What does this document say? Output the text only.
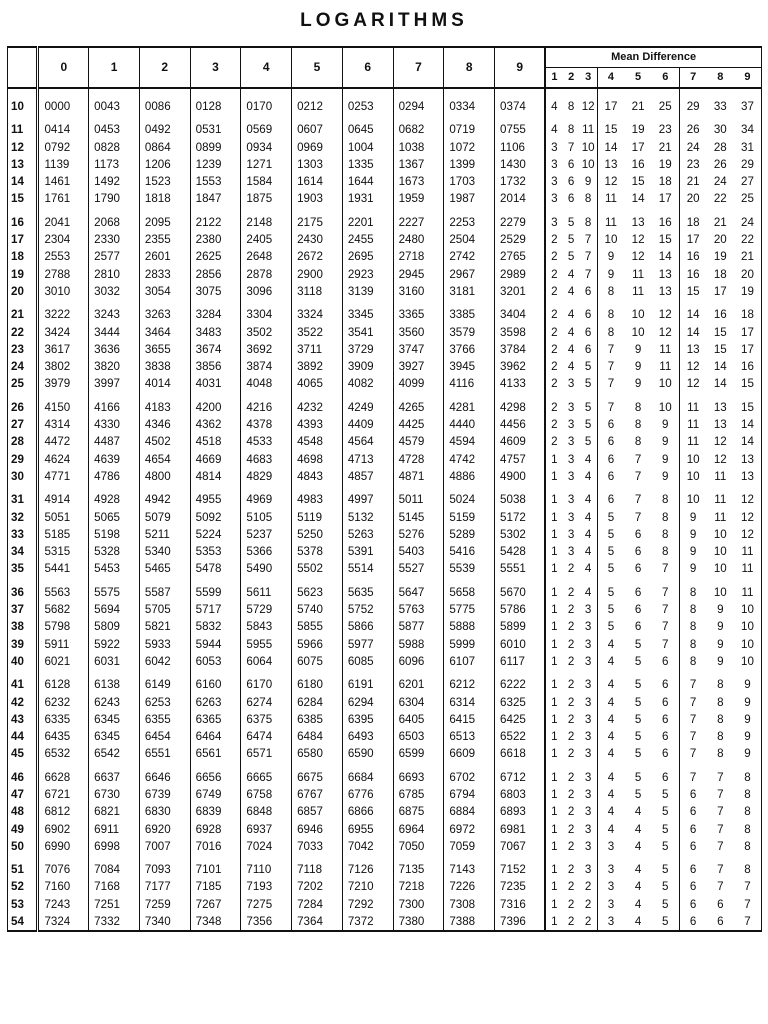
LOGARITHMS
	0	1	2	3	4	5	6	7	8	9	Mean Difference								
											1	2	3	4	5	6	7	8	9
10	0000	0043	0086	0128	0170	0212	0253	0294	0334	0374	4	8	12	17	21	25	29	33	37
11	0414	0453	0492	0531	0569	0607	0645	0682	0719	0755	4	8	11	15	19	23	26	30	34
12	0792	0828	0864	0899	0934	0969	1004	1038	1072	1106	3	7	10	14	17	21	24	28	31
13	1139	1173	1206	1239	1271	1303	1335	1367	1399	1430	3	6	10	13	16	19	23	26	29
14	1461	1492	1523	1553	1584	1614	1644	1673	1703	1732	3	6	9	12	15	18	21	24	27
15	1761	1790	1818	1847	1875	1903	1931	1959	1987	2014	3	6	8	11	14	17	20	22	25
16	2041	2068	2095	2122	2148	2175	2201	2227	2253	2279	3	5	8	11	13	16	18	21	24
17	2304	2330	2355	2380	2405	2430	2455	2480	2504	2529	2	5	7	10	12	15	17	20	22
18	2553	2577	2601	2625	2648	2672	2695	2718	2742	2765	2	5	7	9	12	14	16	19	21
19	2788	2810	2833	2856	2878	2900	2923	2945	2967	2989	2	4	7	9	11	13	16	18	20
20	3010	3032	3054	3075	3096	3118	3139	3160	3181	3201	2	4	6	8	11	13	15	17	19
21	3222	3243	3263	3284	3304	3324	3345	3365	3385	3404	2	4	6	8	10	12	14	16	18
22	3424	3444	3464	3483	3502	3522	3541	3560	3579	3598	2	4	6	8	10	12	14	15	17
23	3617	3636	3655	3674	3692	3711	3729	3747	3766	3784	2	4	6	7	9	11	13	15	17
24	3802	3820	3838	3856	3874	3892	3909	3927	3945	3962	2	4	5	7	9	11	12	14	16
25	3979	3997	4014	4031	4048	4065	4082	4099	4116	4133	2	3	5	7	9	10	12	14	15
26	4150	4166	4183	4200	4216	4232	4249	4265	4281	4298	2	3	5	7	8	10	11	13	15
27	4314	4330	4346	4362	4378	4393	4409	4425	4440	4456	2	3	5	6	8	9	11	13	14
28	4472	4487	4502	4518	4533	4548	4564	4579	4594	4609	2	3	5	6	8	9	11	12	14
29	4624	4639	4654	4669	4683	4698	4713	4728	4742	4757	1	3	4	6	7	9	10	12	13
30	4771	4786	4800	4814	4829	4843	4857	4871	4886	4900	1	3	4	6	7	9	10	11	13
31	4914	4928	4942	4955	4969	4983	4997	5011	5024	5038	1	3	4	6	7	8	10	11	12
32	5051	5065	5079	5092	5105	5119	5132	5145	5159	5172	1	3	4	5	7	8	9	11	12
33	5185	5198	5211	5224	5237	5250	5263	5276	5289	5302	1	3	4	5	6	8	9	10	12
34	5315	5328	5340	5353	5366	5378	5391	5403	5416	5428	1	3	4	5	6	8	9	10	11
35	5441	5453	5465	5478	5490	5502	5514	5527	5539	5551	1	2	4	5	6	7	9	10	11
36	5563	5575	5587	5599	5611	5623	5635	5647	5658	5670	1	2	4	5	6	7	8	10	11
37	5682	5694	5705	5717	5729	5740	5752	5763	5775	5786	1	2	3	5	6	7	8	9	10
38	5798	5809	5821	5832	5843	5855	5866	5877	5888	5899	1	2	3	5	6	7	8	9	10
39	5911	5922	5933	5944	5955	5966	5977	5988	5999	6010	1	2	3	4	5	7	8	9	10
40	6021	6031	6042	6053	6064	6075	6085	6096	6107	6117	1	2	3	4	5	6	8	9	10
41	6128	6138	6149	6160	6170	6180	6191	6201	6212	6222	1	2	3	4	5	6	7	8	9
42	6232	6243	6253	6263	6274	6284	6294	6304	6314	6325	1	2	3	4	5	6	7	8	9
43	6335	6345	6355	6365	6375	6385	6395	6405	6415	6425	1	2	3	4	5	6	7	8	9
44	6435	6345	6454	6464	6474	6484	6493	6503	6513	6522	1	2	3	4	5	6	7	8	9
45	6532	6542	6551	6561	6571	6580	6590	6599	6609	6618	1	2	3	4	5	6	7	8	9
46	6628	6637	6646	6656	6665	6675	6684	6693	6702	6712	1	2	3	4	5	6	7	7	8
47	6721	6730	6739	6749	6758	6767	6776	6785	6794	6803	1	2	3	4	5	5	6	7	8
48	6812	6821	6830	6839	6848	6857	6866	6875	6884	6893	1	2	3	4	4	5	6	7	8
49	6902	6911	6920	6928	6937	6946	6955	6964	6972	6981	1	2	3	4	4	5	6	7	8
50	6990	6998	7007	7016	7024	7033	7042	7050	7059	7067	1	2	3	3	4	5	6	7	8
51	7076	7084	7093	7101	7110	7118	7126	7135	7143	7152	1	2	3	3	4	5	6	7	8
52	7160	7168	7177	7185	7193	7202	7210	7218	7226	7235	1	2	2	3	4	5	6	7	7
53	7243	7251	7259	7267	7275	7284	7292	7300	7308	7316	1	2	2	3	4	5	6	6	7
54	7324	7332	7340	7348	7356	7364	7372	7380	7388	7396	1	2	2	3	4	5	6	6	7
